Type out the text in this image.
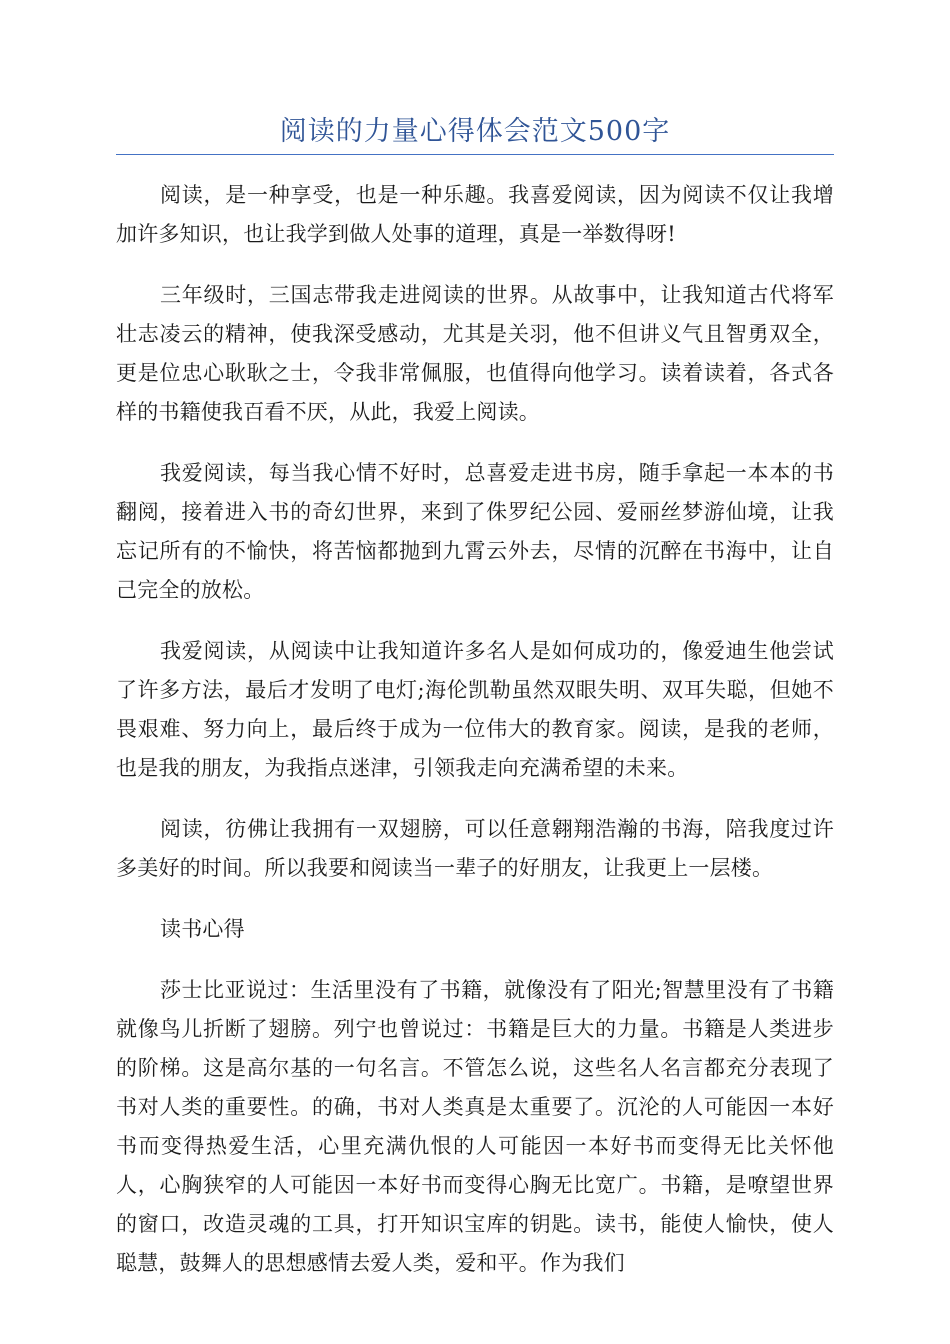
阅读的力量心得体会范文500字

阅读，是一种享受，也是一种乐趣。我喜爱阅读，因为阅读不仅让我增加许多知识，也让我学到做人处事的道理，真是一举数得呀!

三年级时，三国志带我走进阅读的世界。从故事中，让我知道古代将军壮志凌云的精神，使我深受感动，尤其是关羽，他不但讲义气且智勇双全，更是位忠心耿耿之士，令我非常佩服，也值得向他学习。读着读着，各式各样的书籍使我百看不厌，从此，我爱上阅读。

我爱阅读，每当我心情不好时，总喜爱走进书房，随手拿起一本本的书翻阅，接着进入书的奇幻世界，来到了侏罗纪公园、爱丽丝梦游仙境，让我忘记所有的不愉快，将苦恼都抛到九霄云外去，尽情的沉醉在书海中，让自己完全的放松。

我爱阅读，从阅读中让我知道许多名人是如何成功的，像爱迪生他尝试了许多方法，最后才发明了电灯;海伦凯勒虽然双眼失明、双耳失聪，但她不畏艰难、努力向上，最后终于成为一位伟大的教育家。阅读，是我的老师，也是我的朋友，为我指点迷津，引领我走向充满希望的未来。

阅读，彷佛让我拥有一双翅膀，可以任意翱翔浩瀚的书海，陪我度过许多美好的时间。所以我要和阅读当一辈子的好朋友，让我更上一层楼。

读书心得

莎士比亚说过：生活里没有了书籍，就像没有了阳光;智慧里没有了书籍就像鸟儿折断了翅膀。列宁也曾说过：书籍是巨大的力量。书籍是人类进步的阶梯。这是高尔基的一句名言。不管怎么说，这些名人名言都充分表现了书对人类的重要性。的确，书对人类真是太重要了。沉沦的人可能因一本好书而变得热爱生活，心里充满仇恨的人可能因一本好书而变得无比关怀他人，心胸狭窄的人可能因一本好书而变得心胸无比宽广。书籍，是嘹望世界的窗口，改造灵魂的工具，打开知识宝库的钥匙。读书，能使人愉快，使人聪慧，鼓舞人的思想感情去爱人类，爱和平。作为我们
